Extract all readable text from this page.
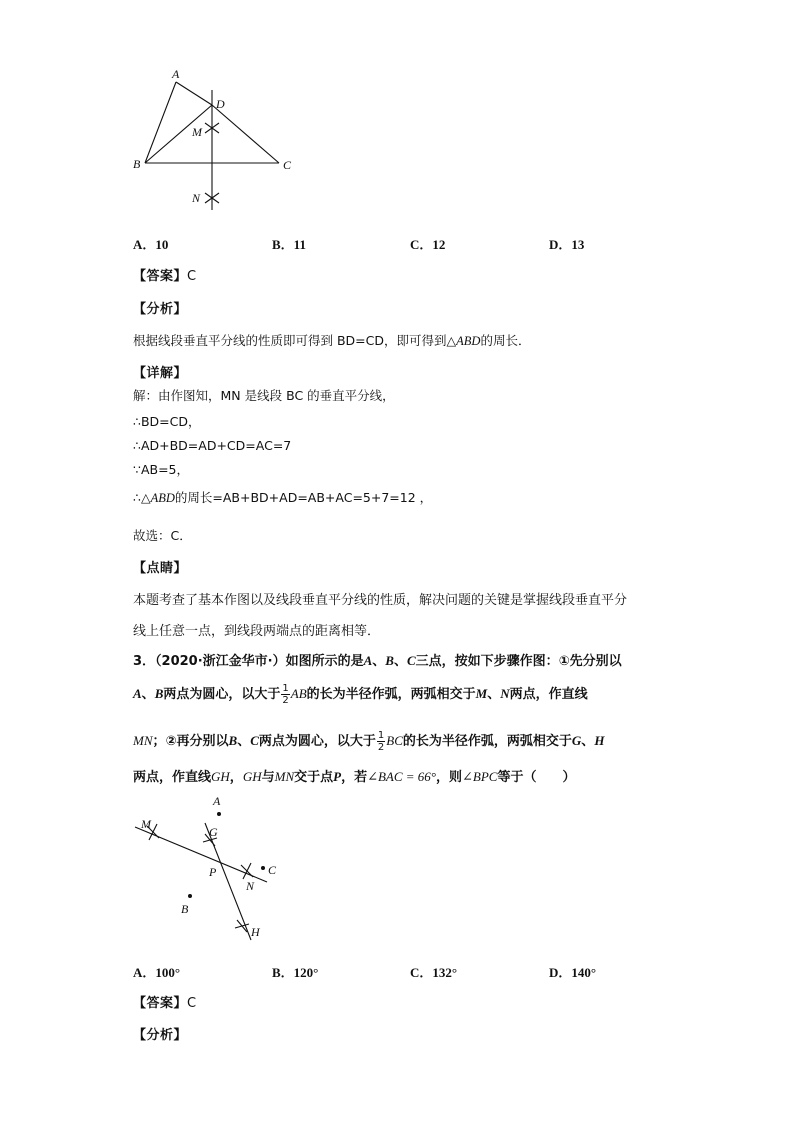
A
D
M
B	C
N
A．10	B．11	C．12	D．13
【答案】C
【分析】
根据线段垂直平分线的性质即可得到 BD=CD，即可得到△ABD的周长．
【详解】
解：由作图知，MN 是线段 BC 的垂直平分线，
∴BD=CD，
∴AD+BD=AD+CD=AC=7
∵AB=5，
∴△ABD的周长=AB+BD+AD=AB+AC=5+7=12 ，
故选：C．
【点睛】
本题考查了基本作图以及线段垂直平分线的性质，解决问题的关键是掌握线段垂直平分
线上任意一点，到线段两端点的距离相等．
3．（2020·浙江金华市·）如图所示的是A、B、C三点，按如下步骤作图：①先分别以
A、B两点为圆心，以大于 $\frac{1}{2}$ AB的长为半径作弧，两弧相交于M、N两点，作直线
MN；②再分别以B、C两点为圆心，以大于 $\frac{1}{2}$ BC的长为半径作弧，两弧相交于G、H
两点，作直线GH，GH与MN交于点P，若∠BAC = 66°，则∠BPC等于（　　）
A
M
G
C
P
N
B
H
A．100°	B．120°	C．132°	D．140°
【答案】C
【分析】
